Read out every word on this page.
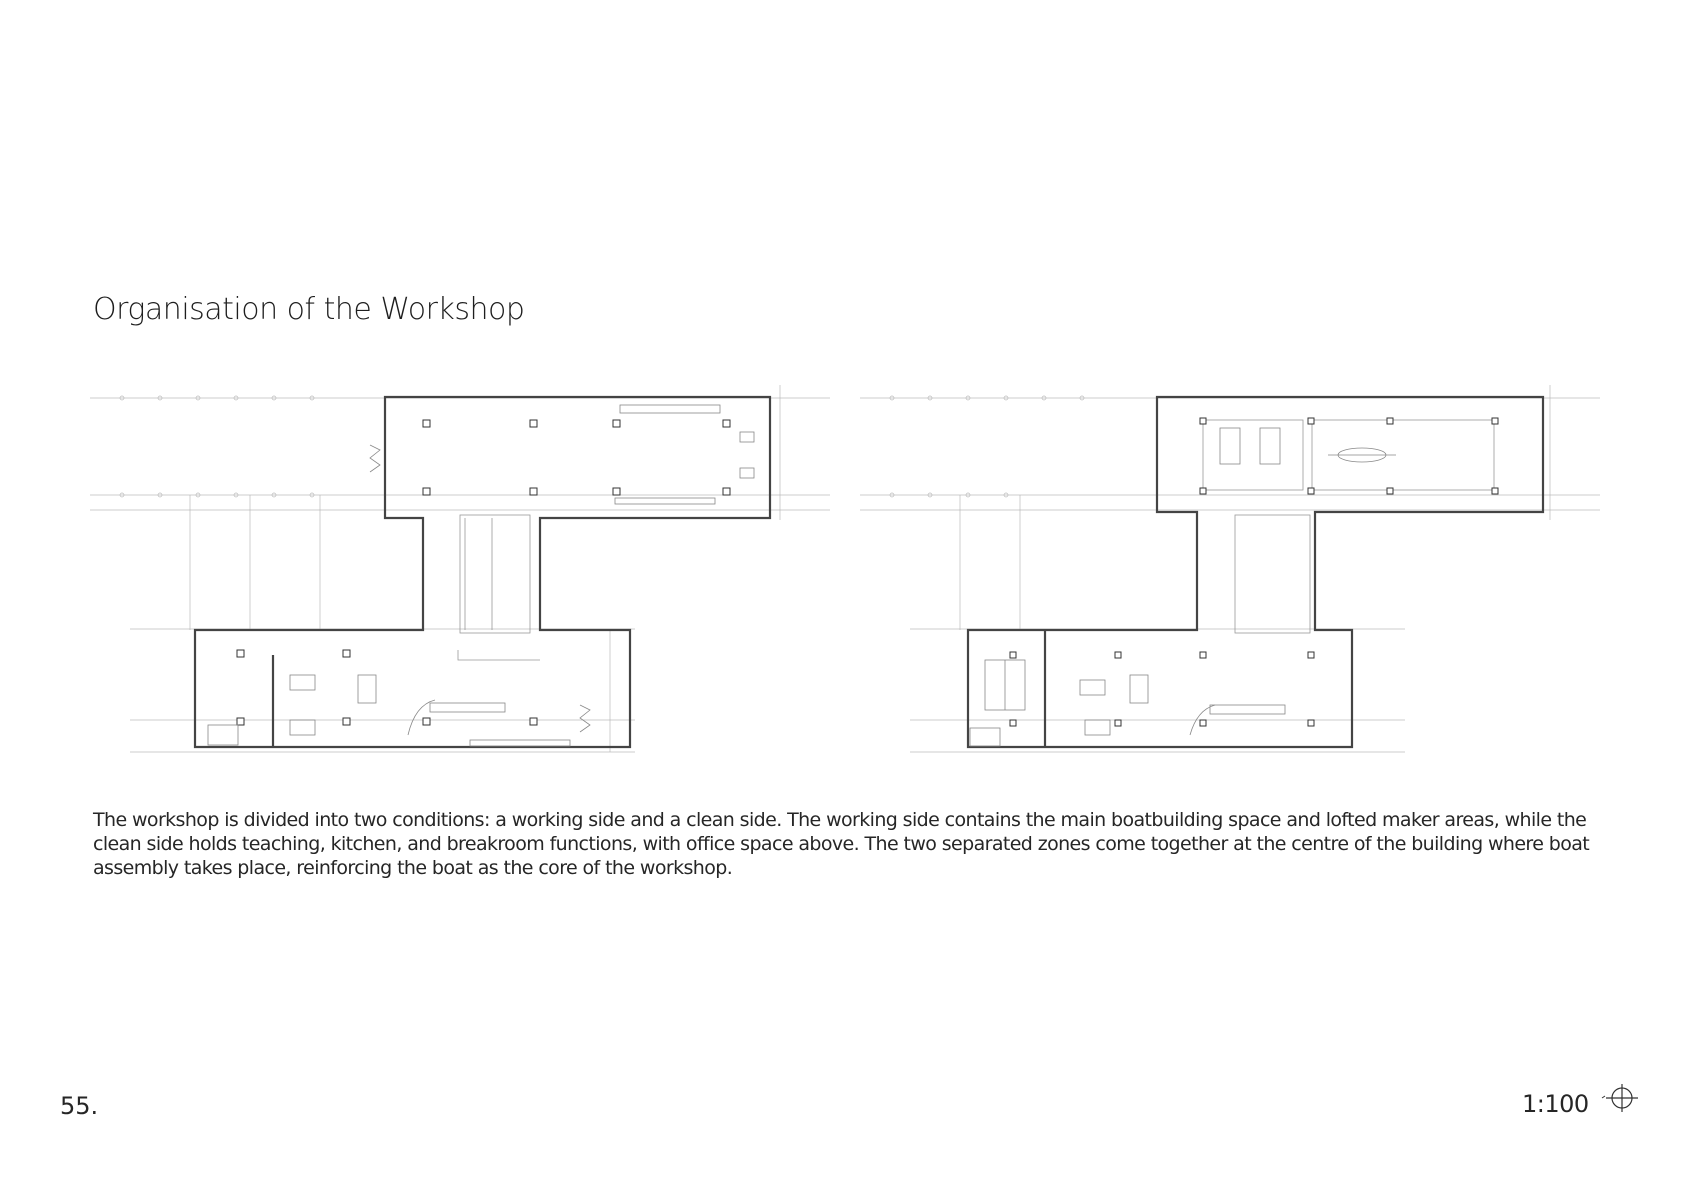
Organisation of the Workshop
The workshop is divided into two conditions: a working side and a clean side. The working side contains the main boatbuilding space and lofted maker areas, while the clean side holds teaching, kitchen, and breakroom functions, with office space above. The two separated zones come together at the centre of the building where boat assembly takes place, reinforcing the boat as the core of the workshop.
55.	1:100
